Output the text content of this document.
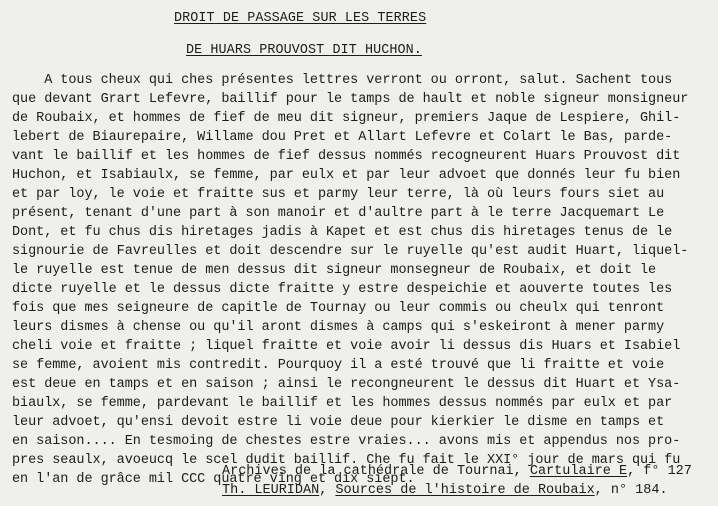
DROIT DE PASSAGE SUR LES TERRES
DE HUARS PROUVOST DIT HUCHON.
A tous cheux qui ches présentes lettres verront ou orront, salut. Sachent tous
que devant Grart Lefevre, baillif pour le tamps de hault et noble signeur monsigneur
de Roubaix, et hommes de fief de meu dit signeur, premiers Jaque de Lespiere, Ghil-
lebert de Biaurepaire, Willame dou Pret et Allart Lefevre et Colart le Bas, parde-
vant le baillif et les hommes de fief dessus nommés recogneurent Huars Prouvost dit
Huchon, et Isabiaulx, se femme, par eulx et par leur advoet que donnés leur fu bien
et par loy, le voie et fraitte sus et parmy leur terre, là où leurs fours siet au
présent, tenant d'une part à son manoir et d'aultre part à le terre Jacquemart Le
Dont, et fu chus dis hiretages jadis à Kapet et est chus dis hiretages tenus de le
signourie de Favreulles et doit descendre sur le ruyelle qu'est audit Huart, liquel-
le ruyelle est tenue de men dessus dit signeur monsegneur de Roubaix, et doit le
dicte ruyelle et le dessus dicte fraitte y estre despeichie et aouverte toutes les
fois que mes seigneure de capitle de Tournay ou leur commis ou cheulx qui tenront
leurs dismes à chense ou qu'il aront dismes à camps qui s'eskeiront à mener parmy
cheli voie et fraitte ; liquel fraitte et voie avoir li dessus dis Huars et Isabiel
se femme, avoient mis contredit. Pourquoy il a esté trouvé que li fraitte et voie
est deue en tamps et en saison ; ainsi le recongneurent le dessus dit Huart et Ysa-
biaulx, se femme, pardevant le baillif et les hommes dessus nommés par eulx et par
leur advoet, qu'ensi devoit estre li voie deue pour kierkier le disme en tamps et
en saison.... En tesmoing de chestes estre vraies... avons mis et appendus nos pro-
pres seaulx, avoeucq le scel dudit baillif. Che fu fait le XXI° jour de mars qui fu
en l'an de grâce mil CCC quatre ving et dix siept.
Archives de la cathédrale de Tournai, Cartulaire E, f° 127
Th. LEURIDAN, Sources de l'histoire de Roubaix, n° 184.
